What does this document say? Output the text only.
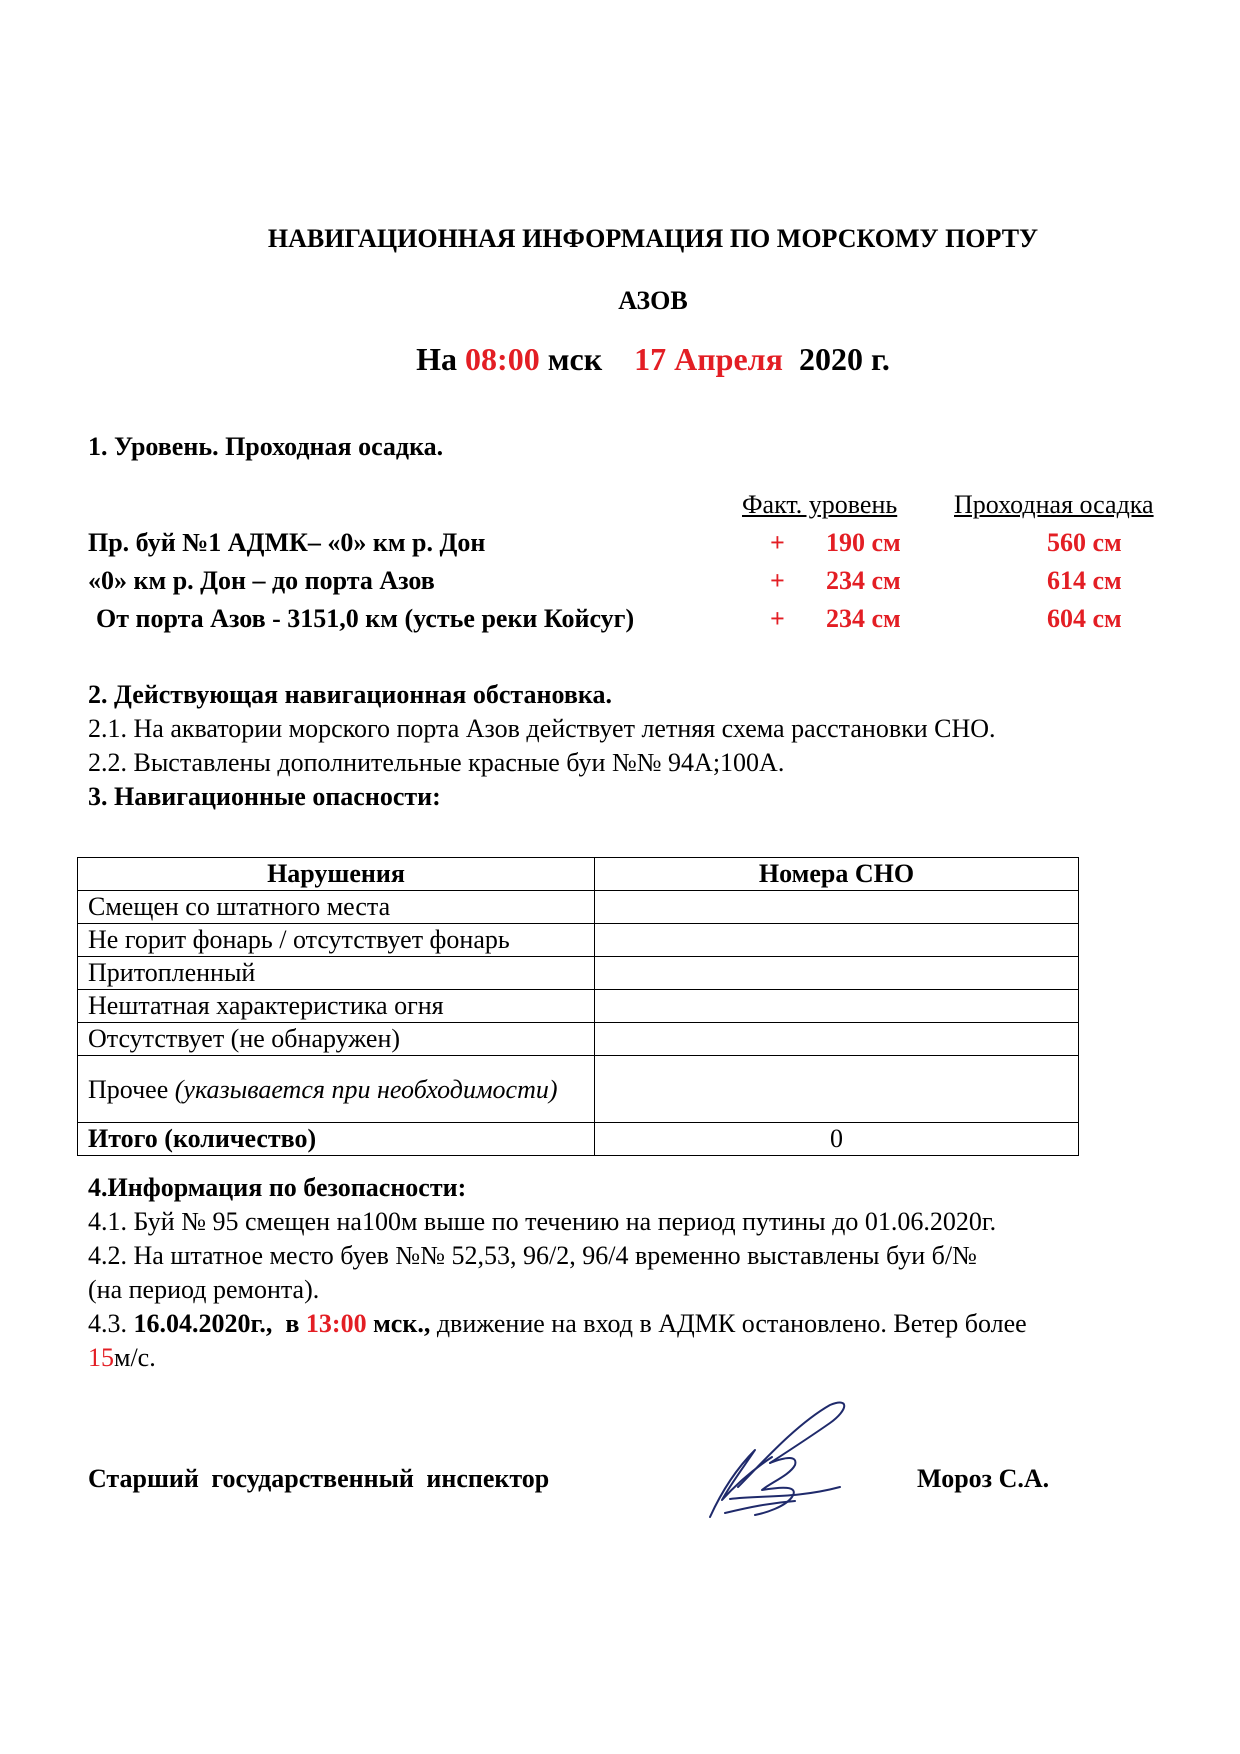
НАВИГАЦИОННАЯ ИНФОРМАЦИЯ ПО МОРСКОМУ ПОРТУ
АЗОВ
На 08:00 мск 17 Апреля 2020 г.
1. Уровень. Проходная осадка.
Факт. уровень Проходная осадка
Пр. буй №1 АДМК– «0» км р. Дон	+ 190 см	560 см
«0» км р. Дон – до порта Азов	+ 234 см	614 см
От порта Азов - 3151,0 км (устье реки Койсуг)	+ 234 см	604 см
2. Действующая навигационная обстановка.
2.1. На акватории морского порта Азов действует летняя схема расстановки СНО.
2.2. Выставлены дополнительные красные буи №№ 94А;100А.
3. Навигационные опасности:
Нарушения	Номера СНО
Смещен со штатного места	
Не горит фонарь / отсутствует фонарь	
Притопленный	
Нештатная характеристика огня	
Отсутствует (не обнаружен)	
Прочее (указывается при необходимости)	
Итого (количество)	0
4.Информация по безопасности:
4.1. Буй № 95 смещен на100м выше по течению на период путины до 01.06.2020г.
4.2. На штатное место буев №№ 52,53, 96/2, 96/4 временно выставлены буи б/№
(на период ремонта).
4.3. 16.04.2020г., в 13:00 мск., движение на вход в АДМК остановлено. Ветер более
15м/с.
Старший государственный инспектор	Мороз С.А.
